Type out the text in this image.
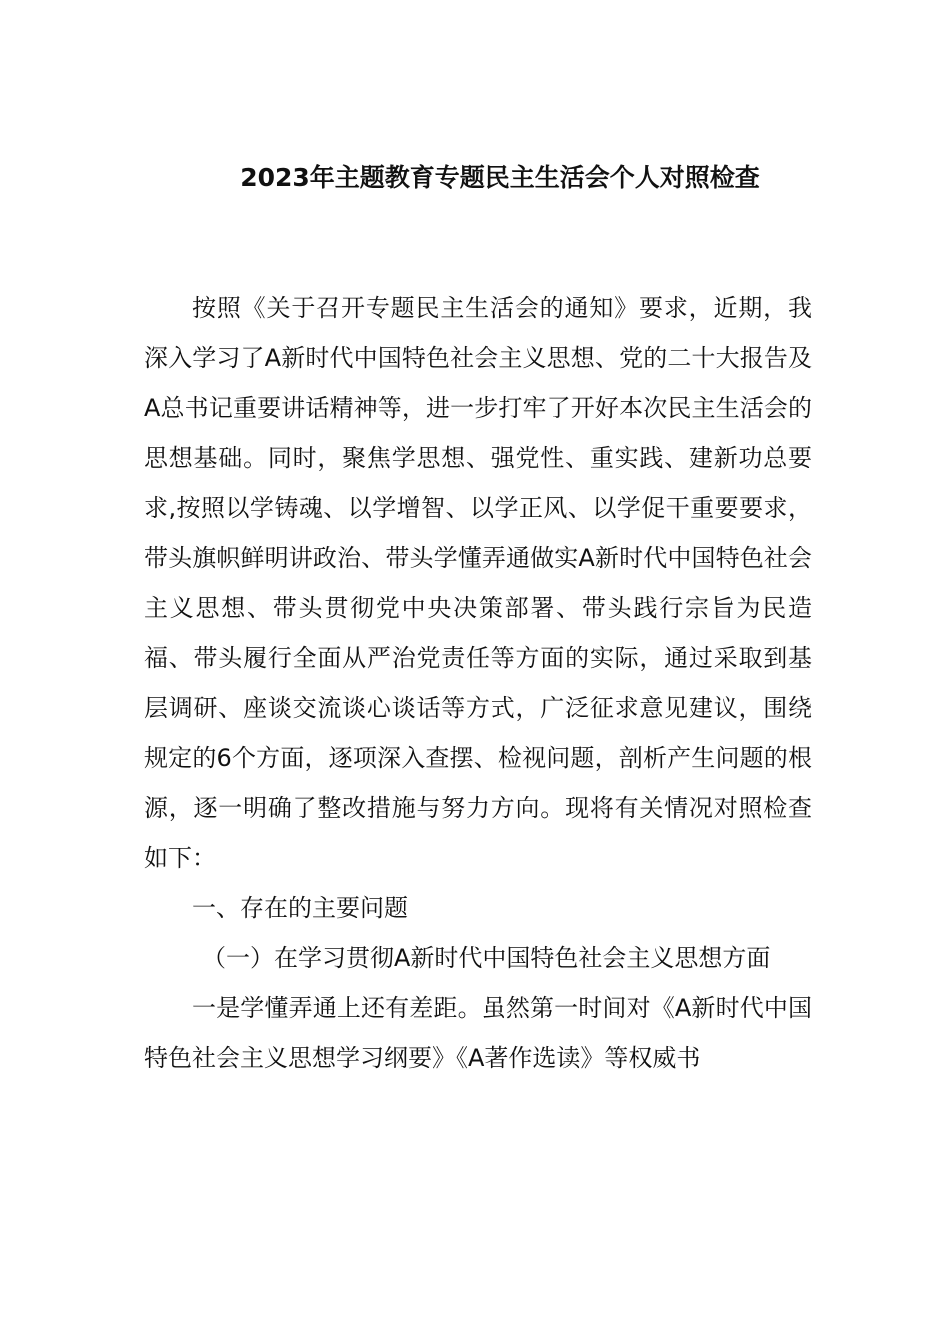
2023年主题教育专题民主生活会个人对照检查

按照《关于召开专题民主生活会的通知》要求，近期，我深入学习了A新时代中国特色社会主义思想、党的二十大报告及A总书记重要讲话精神等，进一步打牢了开好本次民主生活会的思想基础。同时，聚焦学思想、强党性、重实践、建新功总要求,按照以学铸魂、以学增智、以学正风、以学促干重要要求，带头旗帜鲜明讲政治、带头学懂弄通做实A新时代中国特色社会主义思想、带头贯彻党中央决策部署、带头践行宗旨为民造福、带头履行全面从严治党责任等方面的实际，通过采取到基层调研、座谈交流谈心谈话等方式，广泛征求意见建议，围绕规定的6个方面，逐项深入查摆、检视问题，剖析产生问题的根源，逐一明确了整改措施与努力方向。现将有关情况对照检查如下：

一、存在的主要问题

（一）在学习贯彻A新时代中国特色社会主义思想方面

一是学懂弄通上还有差距。虽然第一时间对《A新时代中国特色社会主义思想学习纲要》《A著作选读》等权威书
